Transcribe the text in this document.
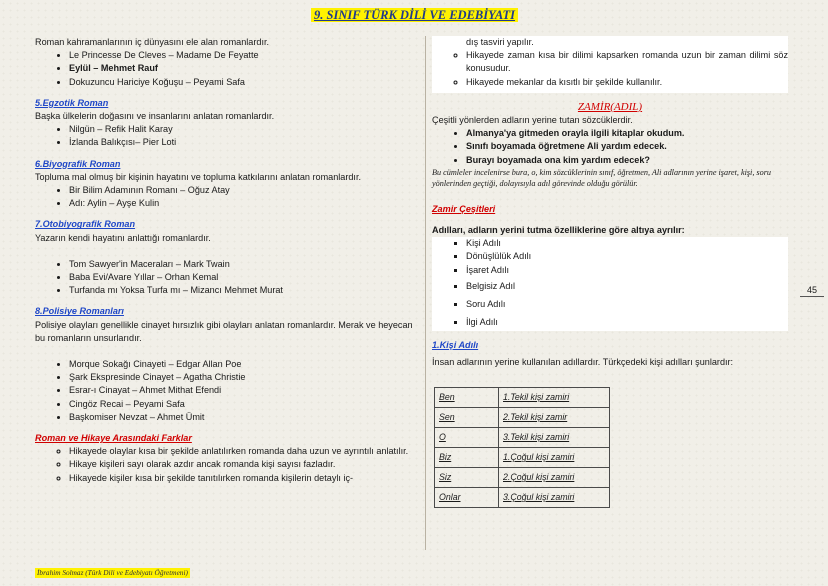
9. SINIF TÜRK DİLİ VE EDEBİYATI

Roman kahramanlarının iç dünyasını ele alan romanlardır.

• Le Princesse De Cleves – Madame De Feyatte
• Eylül – Mehmet Rauf
• Dokuzuncu Hariciye Koğuşu – Peyami Safa

5.Egzotik Roman

Başka ülkelerin doğasını ve insanlarını anlatan romanlardır.

• Nilgün – Refik Halit Karay
• İzlanda Balıkçısı– Pier Loti

6.Biyografik Roman

Topluma mal olmuş bir kişinin hayatını ve topluma katkılarını anlatan romanlardır.

• Bir Bilim Adamının Romanı – Oğuz Atay
• Adı: Aylin – Ayşe Kulin

7.Otobiyografik Roman

Yazarın kendi hayatını anlattığı romanlardır.

• Tom Sawyer'in Maceraları – Mark Twain
• Baba Evi/Avare Yıllar – Orhan Kemal
• Turfanda mı Yoksa Turfa mı – Mizancı Mehmet Murat

8.Polisiye Romanları

Polisiye olayları genellikle cinayet hırsızlık gibi olayları anlatan romanlardır. Merak ve heyecan bu romanların unsurlarıdır.

• Morque Sokağı Cinayeti – Edgar Allan Poe
• Şark Ekspresinde Cinayet – Agatha Christie
• Esrar-ı Cinayat – Ahmet Mithat Efendi
• Cingöz Recai – Peyami Safa
• Başkomiser Nevzat – Ahmet Ümit

Roman ve Hikaye Arasındaki Farklar

◦ Hikayede olaylar kısa bir şekilde anlatılırken romanda daha uzun ve ayrıntılı anlatılır.
◦ Hikaye kişileri sayı olarak azdır ancak romanda kişi sayısı fazladır.
◦ Hikayede kişiler kısa bir şekilde tanıtılırken romanda kişilerin detaylı iç-
dış tasviri yapılır.
◦ Hikayede zaman kısa bir dilimi kapsarken romanda uzun bir zaman dilimi söz konusudur.
◦ Hikayede mekanlar da kısıtlı bir şekilde kullanılır.

ZAMİR(ADIL)

Çeşitli yönlerden adların yerine tutan sözcüklerdir.

• Almanya'ya gitmeden orayla ilgili kitaplar okudum.
• Sınıfı boyamada öğretmene Ali yardım edecek.
• Burayı boyamada ona kim yardım edecek?

Bu cümleler incelenirse bura, o, kim sözcüklerinin sınıf, öğretmen, Ali adlarının yerine işaret, kişi, soru yönlerinden geçtiği, dolayısıyla adıl görevinde olduğu görülür.

Zamir Çeşitleri

Adılları, adların yerini tutma özelliklerine göre altıya ayrılır:

▪ Kişi Adılı
▪ Dönüşlülük Adılı
▪ İşaret Adılı
▪ Belgisiz Adıl
▪ Soru Adılı
▪ İlgi Adılı

1.Kişi Adılı

İnsan adlarının yerine kullanılan adıllardır. Türkçedeki kişi adılları şunlardır:

Ben	1.Tekil kişi zamiri
Sen	2.Tekil kişi zamir
O	3.Tekil kişi zamiri
Biz	1.Çoğul kişi zamiri
Siz	2.Çoğul kişi zamiri
Onlar	3.Çoğul kişi zamiri
45
İbrahim Solmaz (Türk Dili ve Edebiyatı Öğretmeni)
